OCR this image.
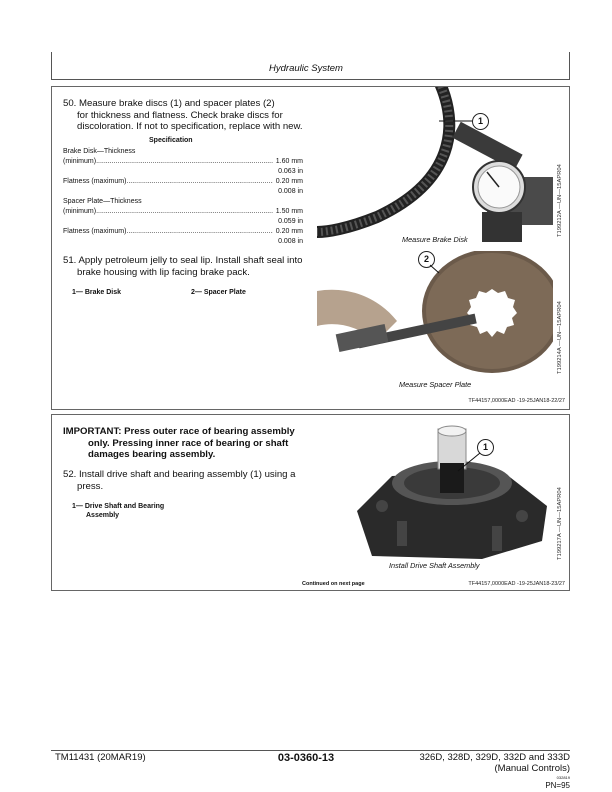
Hydraulic System
50. Measure brake discs (1) and spacer plates (2)
for thickness and flatness. Check brake discs for
discoloration. If not to specification, replace with new.
Specification
Brake Disk—Thickness
(minimum) .....	1.60 mm
0.063 in
Flatness (maximum) .....	0.20 mm
0.008 in
Spacer Plate—Thickness
(minimum) .....	1.50 mm
0.059 in
Flatness (maximum) .....	0.20 mm
0.008 in
51. Apply petroleum jelly to seal lip. Install shaft seal into
brake housing with lip facing brake pack.
1— Brake Disk	2— Spacer Plate
1
Measure Brake Disk
T199212A —UN—15APR04
2
Measure Spacer Plate
T199214A —UN—15APR04
TF44157,0000EAD -19-25JAN18-22/27
IMPORTANT: Press outer race of bearing assembly
only. Pressing inner race of bearing or shaft
damages bearing assembly.
52. Install drive shaft and bearing assembly (1) using a
press.
1— Drive Shaft and Bearing
Assembly
1
Install Drive Shaft Assembly
T199217A —UN—15APR04
Continued on next page	TF44157,0000EAD -19-25JAN18-23/27
TM11431 (20MAR19)	03-0360-13	326D, 328D, 329D, 332D and 333D
(Manual Controls)
032819
PN=95
